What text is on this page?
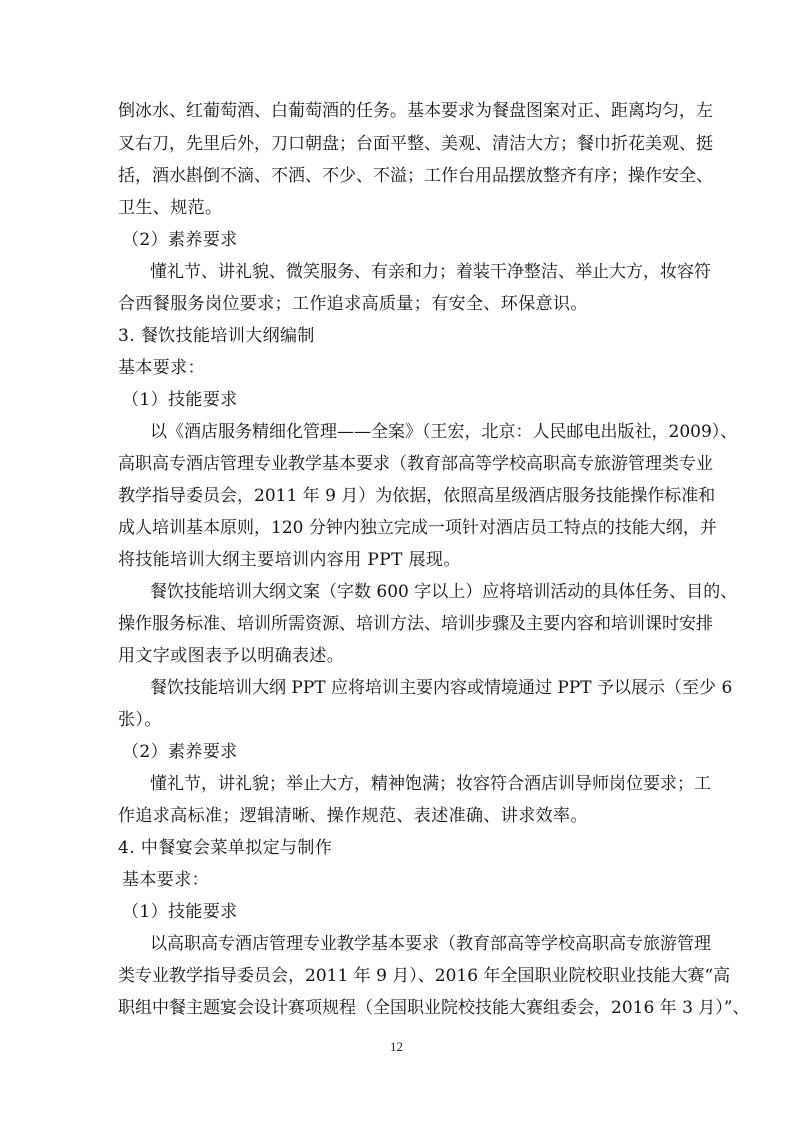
倒冰水、红葡萄酒、白葡萄酒的任务。基本要求为餐盘图案对正、距离均匀，左
叉右刀，先里后外，刀口朝盘；台面平整、美观、清洁大方；餐巾折花美观、挺
括，酒水斟倒不滴、不洒、不少、不溢；工作台用品摆放整齐有序；操作安全、
卫生、规范。
（2）素养要求
懂礼节、讲礼貌、微笑服务、有亲和力；着装干净整洁、举止大方，妆容符
合西餐服务岗位要求；工作追求高质量；有安全、环保意识。
3. 餐饮技能培训大纲编制
基本要求：
（1）技能要求
以《酒店服务精细化管理——全案》（王宏，北京：人民邮电出版社，2009）、
高职高专酒店管理专业教学基本要求（教育部高等学校高职高专旅游管理类专业
教学指导委员会，2011 年 9 月）为依据，依照高星级酒店服务技能操作标准和
成人培训基本原则，120 分钟内独立完成一项针对酒店员工特点的技能大纲，并
将技能培训大纲主要培训内容用 PPT 展现。
餐饮技能培训大纲文案（字数 600 字以上）应将培训活动的具体任务、目的、
操作服务标准、培训所需资源、培训方法、培训步骤及主要内容和培训课时安排
用文字或图表予以明确表述。
餐饮技能培训大纲 PPT 应将培训主要内容或情境通过 PPT 予以展示（至少 6
张）。
（2）素养要求
懂礼节，讲礼貌；举止大方，精神饱满；妆容符合酒店训导师岗位要求；工
作追求高标准；逻辑清晰、操作规范、表述准确、讲求效率。
4. 中餐宴会菜单拟定与制作
基本要求：
（1）技能要求
以高职高专酒店管理专业教学基本要求（教育部高等学校高职高专旅游管理
类专业教学指导委员会，2011 年 9 月）、2016 年全国职业院校职业技能大赛“高
职组中餐主题宴会设计赛项规程（全国职业院校技能大赛组委会，2016 年 3 月）”、
12
